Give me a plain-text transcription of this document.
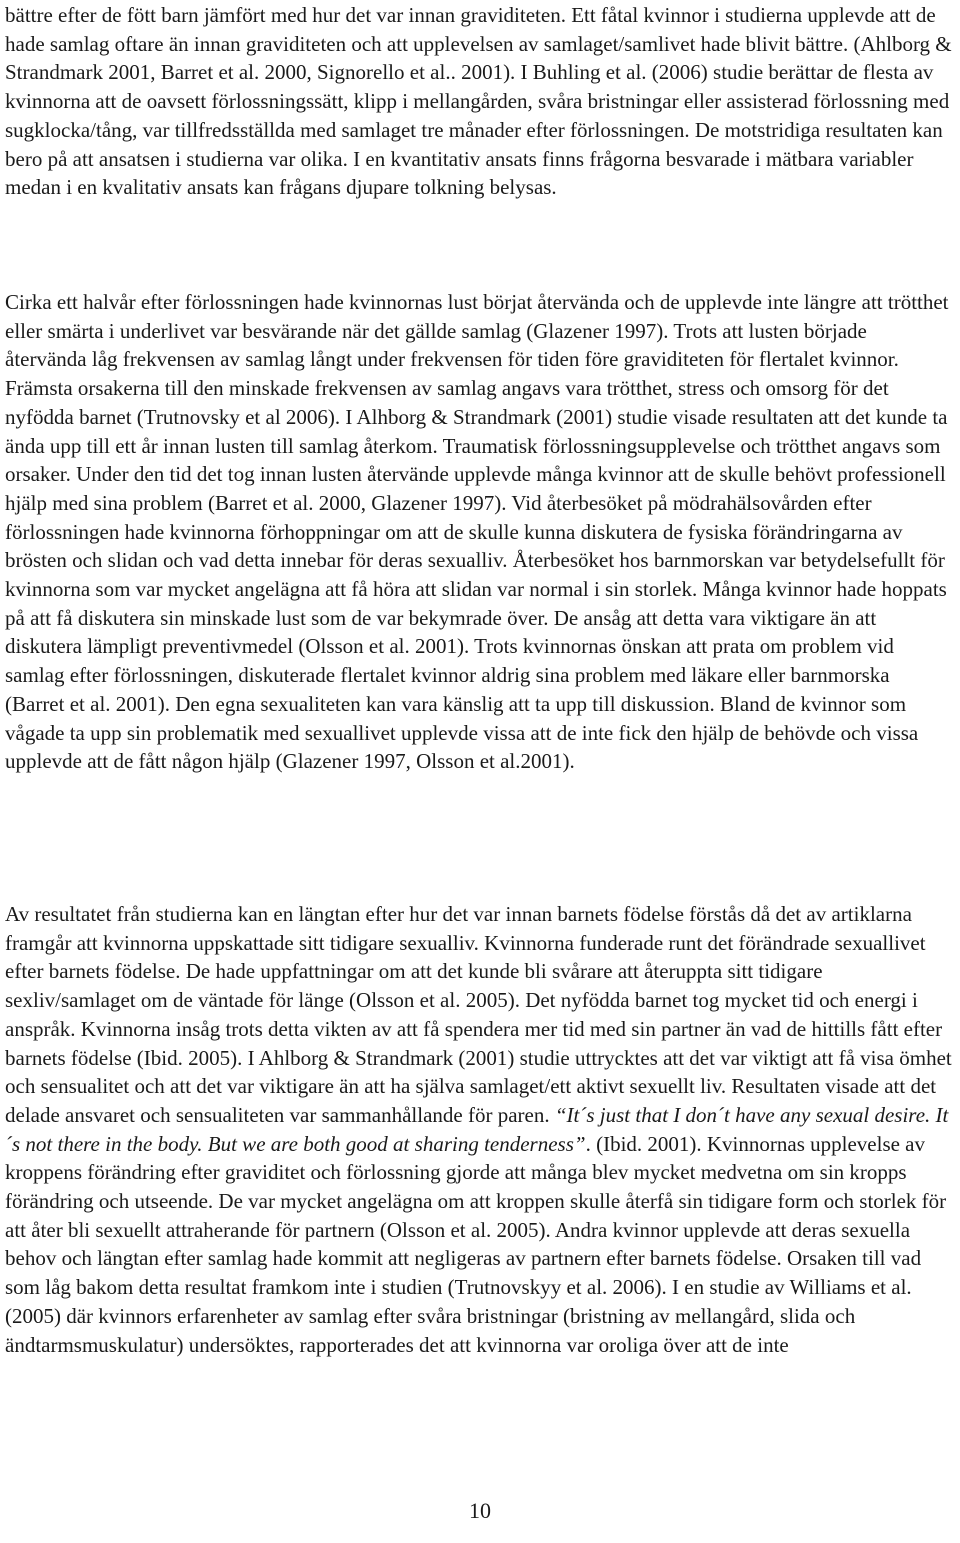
bättre efter de fött barn jämfört med hur det var innan graviditeten. Ett fåtal kvinnor i studierna upplevde att de hade samlag oftare än innan graviditeten och att upplevelsen av samlaget/samlivet hade blivit bättre. (Ahlborg & Strandmark 2001, Barret et al. 2000, Signorello et al.. 2001). I Buhling et al. (2006) studie berättar de flesta av kvinnorna att de oavsett förlossningssätt, klipp i mellangården, svåra bristningar eller assisterad förlossning med sugklocka/tång, var tillfredsställda med samlaget tre månader efter förlossningen. De motstridiga resultaten kan bero på att ansatsen i studierna var olika. I en kvantitativ ansats finns frågorna besvarade i mätbara variabler medan i en kvalitativ ansats kan frågans djupare tolkning belysas.

Cirka ett halvår efter förlossningen hade kvinnornas lust börjat återvända och de upplevde inte längre att trötthet eller smärta i underlivet var besvärande när det gällde samlag (Glazener 1997). Trots att lusten började återvända låg frekvensen av samlag långt under frekvensen för tiden före graviditeten för flertalet kvinnor. Främsta orsakerna till den minskade frekvensen av samlag angavs vara trötthet, stress och omsorg för det nyfödda barnet (Trutnovsky et al 2006). I Alhborg & Strandmark (2001) studie visade resultaten att det kunde ta ända upp till ett år innan lusten till samlag återkom. Traumatisk förlossningsupplevelse och trötthet angavs som orsaker. Under den tid det tog innan lusten återvände upplevde många kvinnor att de skulle behövt professionell hjälp med sina problem (Barret et al. 2000, Glazener 1997). Vid återbesöket på mödrahälsovården efter förlossningen hade kvinnorna förhoppningar om att de skulle kunna diskutera de fysiska förändringarna av brösten och slidan och vad detta innebar för deras sexualliv. Återbesöket hos barnmorskan var betydelsefullt för kvinnorna som var mycket angelägna att få höra att slidan var normal i sin storlek. Många kvinnor hade hoppats på att få diskutera sin minskade lust som de var bekymrade över. De ansåg att detta vara viktigare än att diskutera lämpligt preventivmedel (Olsson et al. 2001). Trots kvinnornas önskan att prata om problem vid samlag efter förlossningen, diskuterade flertalet kvinnor aldrig sina problem med läkare eller barnmorska (Barret et al. 2001). Den egna sexualiteten kan vara känslig att ta upp till diskussion. Bland de kvinnor som vågade ta upp sin problematik med sexuallivet upplevde vissa att de inte fick den hjälp de behövde och vissa upplevde att de fått någon hjälp (Glazener 1997, Olsson et al.2001).

Av resultatet från studierna kan en längtan efter hur det var innan barnets födelse förstås då det av artiklarna framgår att kvinnorna uppskattade sitt tidigare sexualliv. Kvinnorna funderade runt det förändrade sexuallivet efter barnets födelse. De hade uppfattningar om att det kunde bli svårare att återuppta sitt tidigare sexliv/samlaget om de väntade för länge (Olsson et al. 2005). Det nyfödda barnet tog mycket tid och energi i anspråk. Kvinnorna insåg trots detta vikten av att få spendera mer tid med sin partner än vad de hittills fått efter barnets födelse (Ibid. 2005). I Ahlborg & Strandmark (2001) studie uttrycktes att det var viktigt att få visa ömhet och sensualitet och att det var viktigare än att ha själva samlaget/ett aktivt sexuellt liv. Resultaten visade att det delade ansvaret och sensualiteten var sammanhållande för paren. “It´s just that I don´t have any sexual desire. It´s not there in the body. But we are both good at sharing tenderness”. (Ibid. 2001). Kvinnornas upplevelse av kroppens förändring efter graviditet och förlossning gjorde att många blev mycket medvetna om sin kropps förändring och utseende. De var mycket angelägna om att kroppen skulle återfå sin tidigare form och storlek för att åter bli sexuellt attraherande för partnern (Olsson et al. 2005). Andra kvinnor upplevde att deras sexuella behov och längtan efter samlag hade kommit att negligeras av partnern efter barnets födelse. Orsaken till vad som låg bakom detta resultat framkom inte i studien (Trutnovskyy et al. 2006). I en studie av Williams et al. (2005) där kvinnors erfarenheter av samlag efter svåra bristningar (bristning av mellangård, slida och ändtarmsmuskulatur) undersöktes, rapporterades det att kvinnorna var oroliga över att de inte

10
